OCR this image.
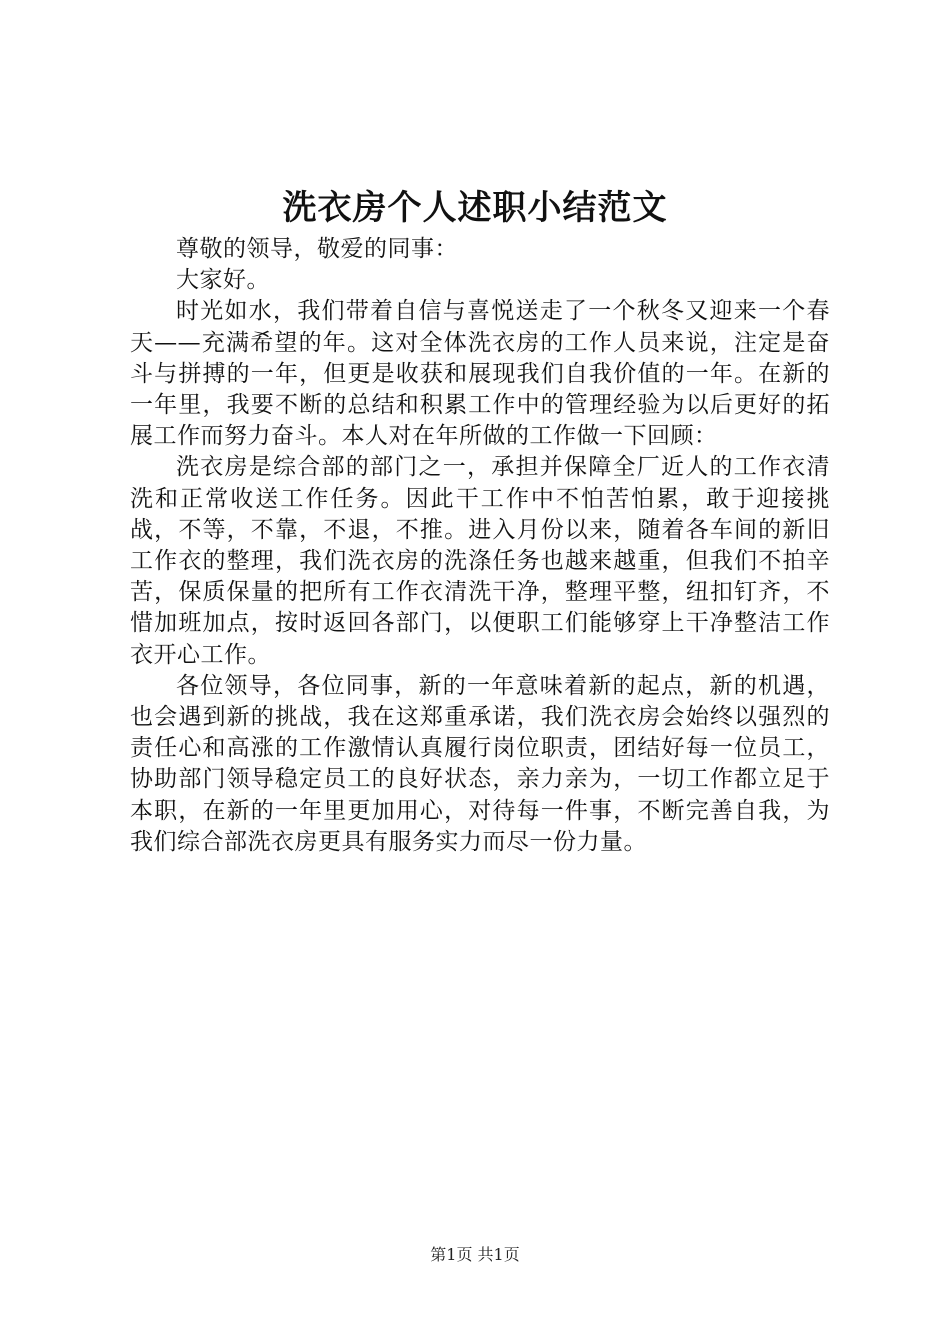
洗衣房个人述职小结范文

尊敬的领导，敬爱的同事：

大家好。

时光如水，我们带着自信与喜悦送走了一个秋冬又迎来一个春天——充满希望的年。这对全体洗衣房的工作人员来说，注定是奋斗与拼搏的一年，但更是收获和展现我们自我价值的一年。在新的一年里，我要不断的总结和积累工作中的管理经验为以后更好的拓展工作而努力奋斗。本人对在年所做的工作做一下回顾：

洗衣房是综合部的部门之一，承担并保障全厂近人的工作衣清洗和正常收送工作任务。因此干工作中不怕苦怕累，敢于迎接挑战，不等，不靠，不退，不推。进入月份以来，随着各车间的新旧工作衣的整理，我们洗衣房的洗涤任务也越来越重，但我们不拍辛苦，保质保量的把所有工作衣清洗干净，整理平整，纽扣钉齐，不惜加班加点，按时返回各部门，以便职工们能够穿上干净整洁工作衣开心工作。

各位领导，各位同事，新的一年意味着新的起点，新的机遇，也会遇到新的挑战，我在这郑重承诺，我们洗衣房会始终以强烈的责任心和高涨的工作激情认真履行岗位职责，团结好每一位员工，协助部门领导稳定员工的良好状态，亲力亲为，一切工作都立足于本职，在新的一年里更加用心，对待每一件事，不断完善自我，为我们综合部洗衣房更具有服务实力而尽一份力量。

第1页 共1页
